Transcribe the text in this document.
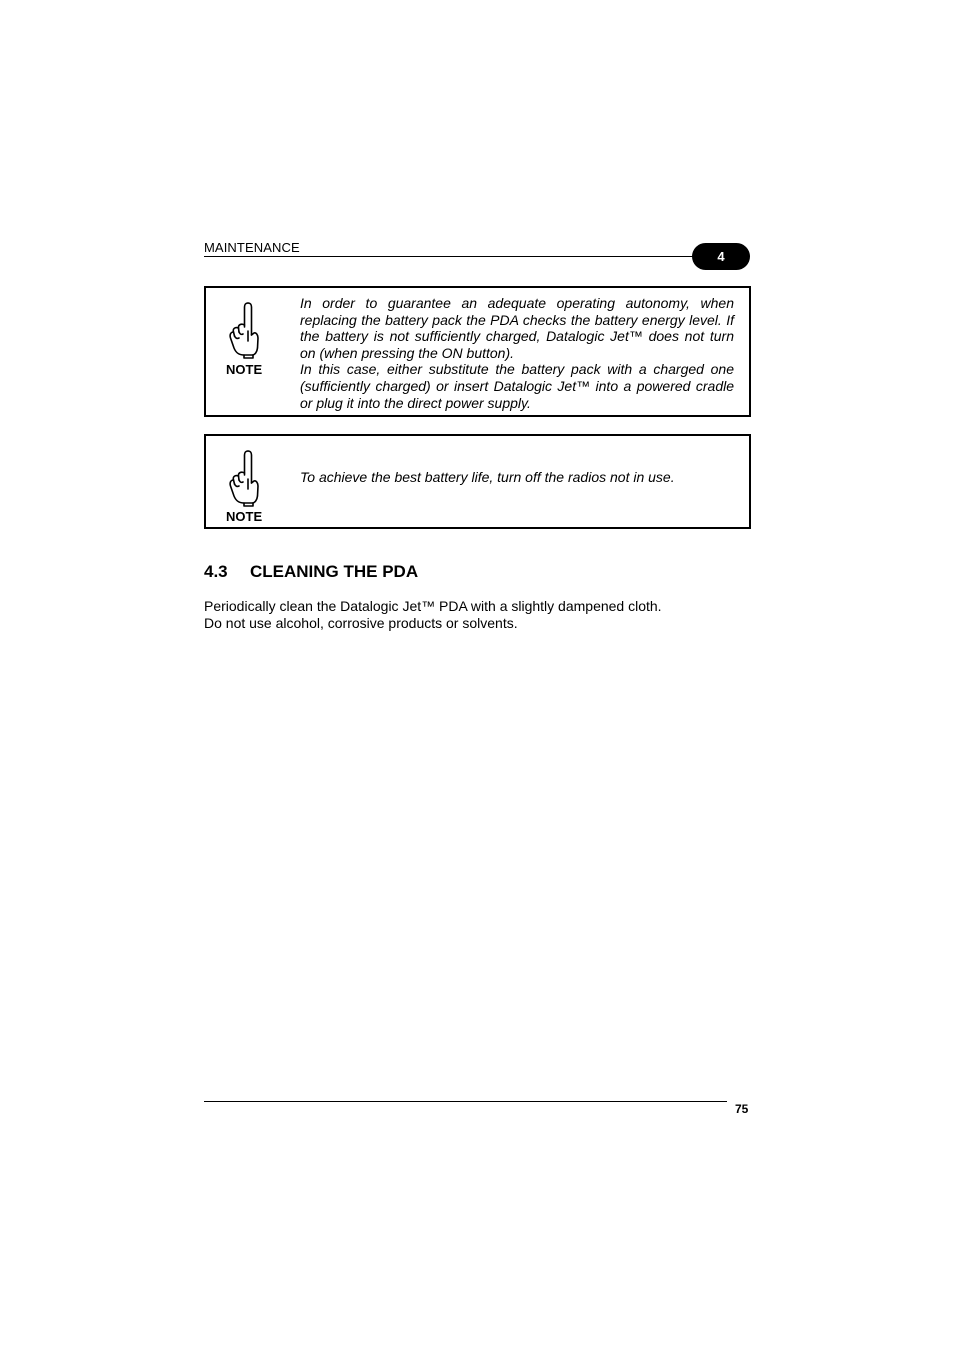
MAINTENANCE
4
NOTE

In order to guarantee an adequate operating autonomy, when replacing the battery pack the PDA checks the battery energy level. If the battery is not sufficiently charged, Datalogic Jet™ does not turn on (when pressing the ON button).

In this case, either substitute the battery pack with a charged one (sufficiently charged) or insert Datalogic Jet™ into a powered cradle or plug it into the direct power supply.

NOTE

To achieve the best battery life, turn off the radios not in use.

4.3 CLEANING THE PDA

Periodically clean the Datalogic Jet™ PDA with a slightly dampened cloth.

Do not use alcohol, corrosive products or solvents.

75
